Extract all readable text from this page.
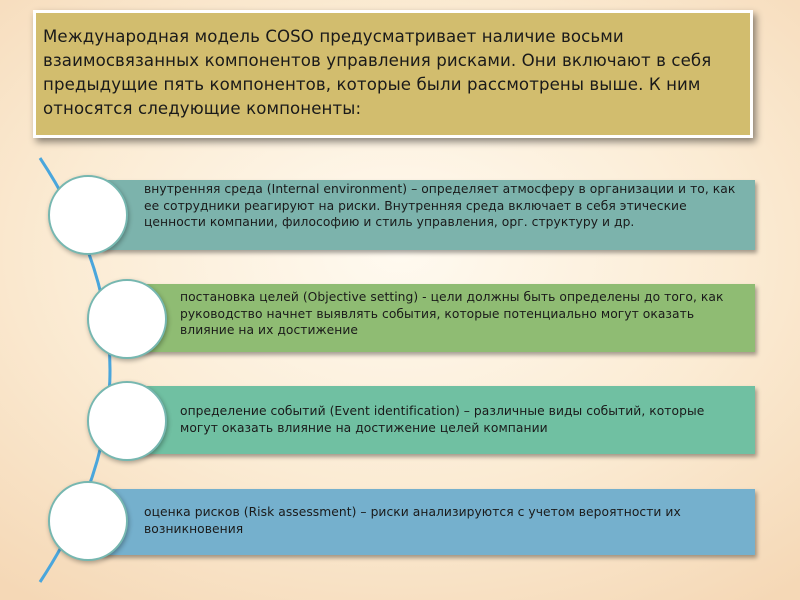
Международная модель COSO предусматривает наличие восьми взаимосвязанных компонентов управления рисками. Они включают в себя предыдущие пять компонентов, которые были рассмотрены выше. К ним относятся следующие компоненты:

внутренняя среда (Internal environment) – определяет атмосферу в организации и то, как ее сотрудники реагируют на риски. Внутренняя среда включает в себя этические ценности компании, философию и стиль управления, орг. структуру и др.
постановка целей (Objective setting) - цели должны быть определены до того, как руководство начнет выявлять события, которые потенциально могут оказать влияние на их достижение
определение событий (Event identification) – различные виды событий, которые могут оказать влияние на достижение целей компании
оценка рисков (Risk assessment) – риски анализируются с учетом вероятности их возникновения
